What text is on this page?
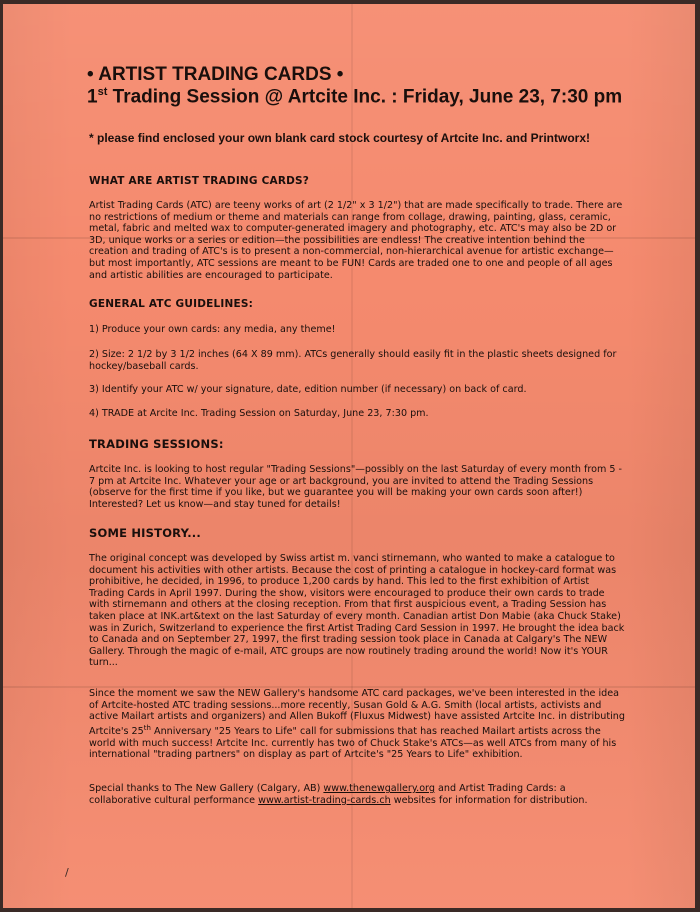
• ARTIST TRADING CARDS •
1st Trading Session @ Artcite Inc. : Friday, June 23, 7:30 pm
* please find enclosed your own blank card stock courtesy of Artcite Inc. and Printworx!
WHAT ARE ARTIST TRADING CARDS?

Artist Trading Cards (ATC) are teeny works of art (2 1/2" x 3 1/2") that are made specifically to trade. There are no restrictions of medium or theme and materials can range from collage, drawing, painting, glass, ceramic, metal, fabric and melted wax to computer-generated imagery and photography, etc. ATC's may also be 2D or 3D, unique works or a series or edition—the possibilities are endless! The creative intention behind the creation and trading of ATC's is to present a non-commercial, non-hierarchical avenue for artistic exchange—but most importantly, ATC sessions are meant to be FUN! Cards are traded one to one and people of all ages and artistic abilities are encouraged to participate.

GENERAL ATC GUIDELINES:
1) Produce your own cards: any media, any theme!
2) Size: 2 1/2 by 3 1/2 inches (64 X 89 mm). ATCs generally should easily fit in the plastic sheets designed for hockey/baseball cards.
3) Identify your ATC w/ your signature, date, edition number (if necessary) on back of card.
4) TRADE at Arcite Inc. Trading Session on Saturday, June 23, 7:30 pm.
TRADING SESSIONS:

Artcite Inc. is looking to host regular "Trading Sessions"—possibly on the last Saturday of every month from 5 - 7 pm at Artcite Inc. Whatever your age or art background, you are invited to attend the Trading Sessions (observe for the first time if you like, but we guarantee you will be making your own cards soon after!) Interested? Let us know—and stay tuned for details!

SOME HISTORY...

The original concept was developed by Swiss artist m. vanci stirnemann, who wanted to make a catalogue to document his activities with other artists. Because the cost of printing a catalogue in hockey-card format was prohibitive, he decided, in 1996, to produce 1,200 cards by hand. This led to the first exhibition of Artist Trading Cards in April 1997. During the show, visitors were encouraged to produce their own cards to trade with stirnemann and others at the closing reception. From that first auspicious event, a Trading Session has taken place at INK.art&text on the last Saturday of every month. Canadian artist Don Mabie (aka Chuck Stake) was in Zurich, Switzerland to experience the first Artist Trading Card Session in 1997. He brought the idea back to Canada and on September 27, 1997, the first trading session took place in Canada at Calgary's The NEW Gallery. Through the magic of e-mail, ATC groups are now routinely trading around the world! Now it's YOUR turn...

Since the moment we saw the NEW Gallery's handsome ATC card packages, we've been interested in the idea of Artcite-hosted ATC trading sessions...more recently, Susan Gold & A.G. Smith (local artists, activists and active Mailart artists and organizers) and Allen Bukoff (Fluxus Midwest) have assisted Artcite Inc. in distributing Artcite's 25th Anniversary "25 Years to Life" call for submissions that has reached Mailart artists across the world with much success! Artcite Inc. currently has two of Chuck Stake's ATCs—as well ATCs from many of his international "trading partners" on display as part of Artcite's "25 Years to Life" exhibition.

Special thanks to The New Gallery (Calgary, AB) www.thenewgallery.org and Artist Trading Cards: a collaborative cultural performance www.artist-trading-cards.ch websites for information for distribution.

/
